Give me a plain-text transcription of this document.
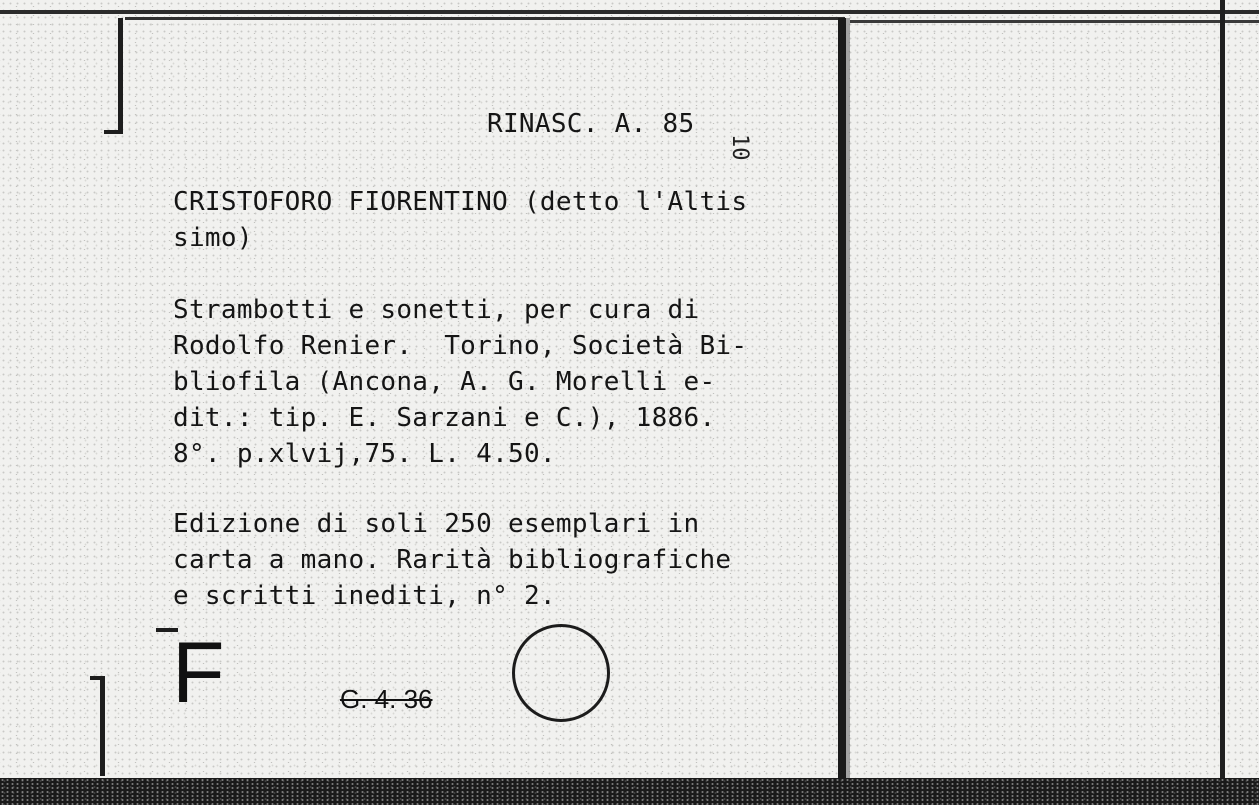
RINASC. A. 85
10
CRISTOFORO FIORENTINO (detto l'Altis
simo)
Strambotti e sonetti, per cura di
Rodolfo Renier.  Torino, Società Bi-
bliofila (Ancona, A. G. Morelli e-
dit.: tip. E. Sarzani e C.), 1886.
8°. p.xlvij,75. L. 4.50.
Edizione di soli 250 esemplari in
carta a mano. Rarità bibliografiche
e scritti inediti, n° 2.
F	G. 4. 36
